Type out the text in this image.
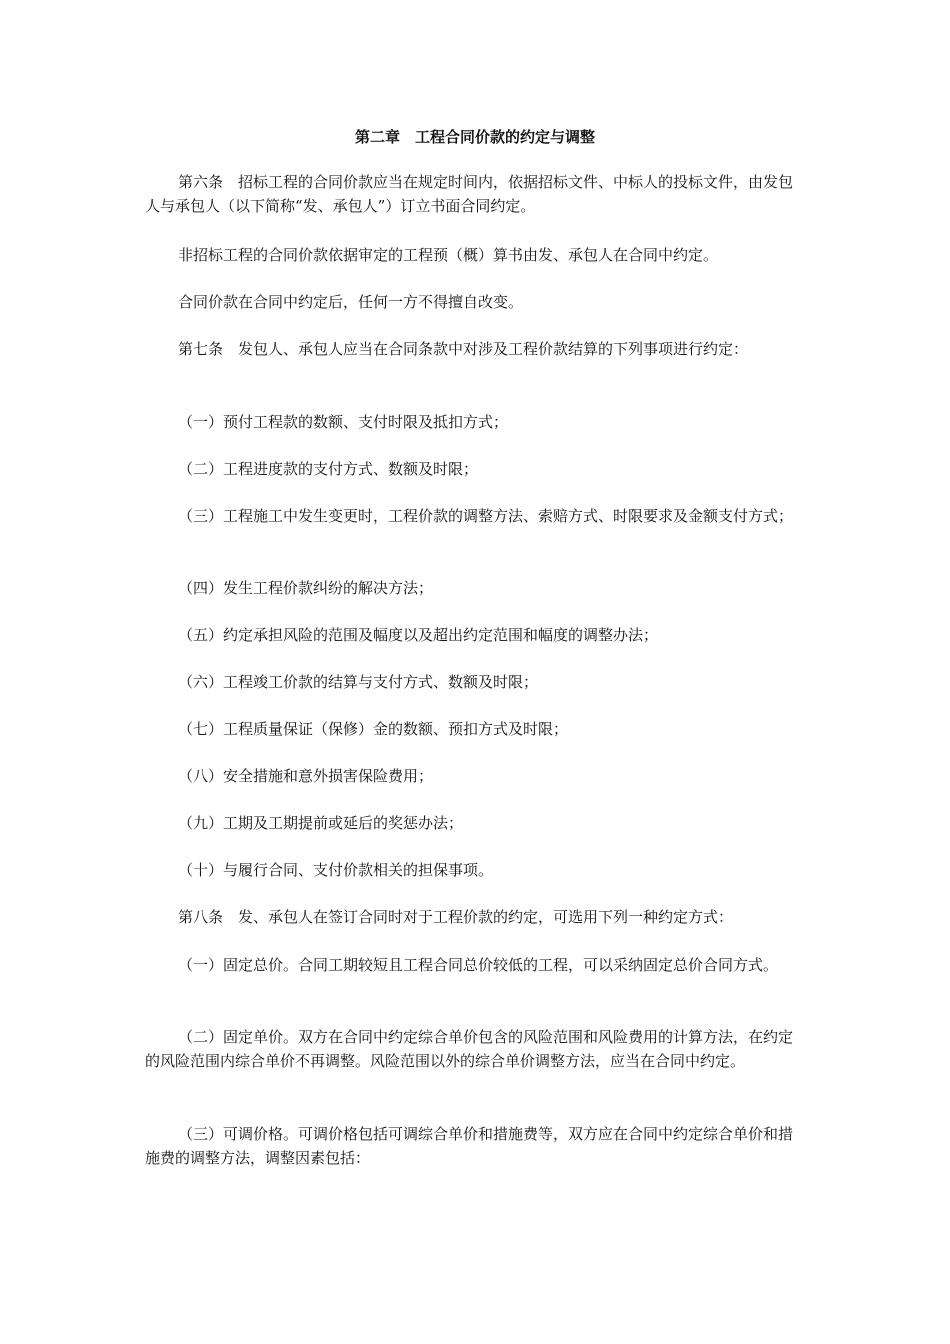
第二章　工程合同价款的约定与调整

第六条　招标工程的合同价款应当在规定时间内，依据招标文件、中标人的投标文件，由发包人与承包人（以下简称“发、承包人”）订立书面合同约定。

非招标工程的合同价款依据审定的工程预（概）算书由发、承包人在合同中约定。

合同价款在合同中约定后，任何一方不得擅自改变。

第七条　发包人、承包人应当在合同条款中对涉及工程价款结算的下列事项进行约定：

（一）预付工程款的数额、支付时限及抵扣方式；

（二）工程进度款的支付方式、数额及时限；

（三）工程施工中发生变更时，工程价款的调整方法、索赔方式、时限要求及金额支付方式；

（四）发生工程价款纠纷的解决方法；

（五）约定承担风险的范围及幅度以及超出约定范围和幅度的调整办法；

（六）工程竣工价款的结算与支付方式、数额及时限；

（七）工程质量保证（保修）金的数额、预扣方式及时限；

（八）安全措施和意外损害保险费用；

（九）工期及工期提前或延后的奖惩办法；

（十）与履行合同、支付价款相关的担保事项。

第八条　发、承包人在签订合同时对于工程价款的约定，可选用下列一种约定方式：

（一）固定总价。合同工期较短且工程合同总价较低的工程，可以采纳固定总价合同方式。

（二）固定单价。双方在合同中约定综合单价包含的风险范围和风险费用的计算方法，在约定的风险范围内综合单价不再调整。风险范围以外的综合单价调整方法，应当在合同中约定。

（三）可调价格。可调价格包括可调综合单价和措施费等，双方应在合同中约定综合单价和措施费的调整方法，调整因素包括：
